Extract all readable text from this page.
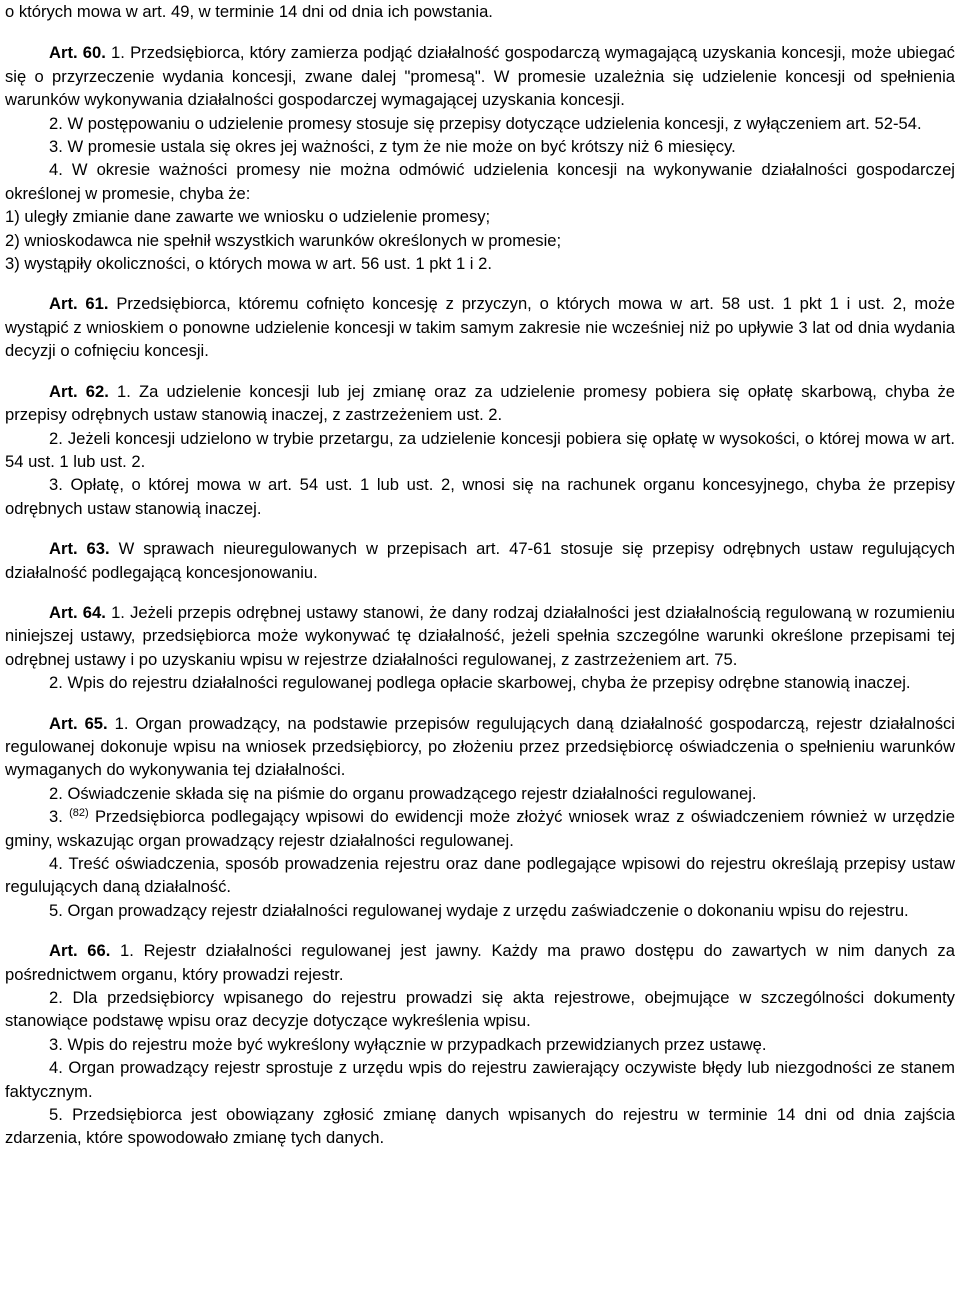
o których mowa w art. 49, w terminie 14 dni od dnia ich powstania.

Art. 60. 1. Przedsiębiorca, który zamierza podjąć działalność gospodarczą wymagającą uzyskania koncesji, może ubiegać się o przyrzeczenie wydania koncesji, zwane dalej "promesą". W promesie uzależnia się udzielenie koncesji od spełnienia warunków wykonywania działalności gospodarczej wymagającej uzyskania koncesji.

2. W postępowaniu o udzielenie promesy stosuje się przepisy dotyczące udzielenia koncesji, z wyłączeniem art. 52-54.

3. W promesie ustala się okres jej ważności, z tym że nie może on być krótszy niż 6 miesięcy.

4. W okresie ważności promesy nie można odmówić udzielenia koncesji na wykonywanie działalności gospodarczej określonej w promesie, chyba że:

1) uległy zmianie dane zawarte we wniosku o udzielenie promesy;

2) wnioskodawca nie spełnił wszystkich warunków określonych w promesie;

3) wystąpiły okoliczności, o których mowa w art. 56 ust. 1 pkt 1 i 2.

Art. 61. Przedsiębiorca, któremu cofnięto koncesję z przyczyn, o których mowa w art. 58 ust. 1 pkt 1 i ust. 2, może wystąpić z wnioskiem o ponowne udzielenie koncesji w takim samym zakresie nie wcześniej niż po upływie 3 lat od dnia wydania decyzji o cofnięciu koncesji.

Art. 62. 1. Za udzielenie koncesji lub jej zmianę oraz za udzielenie promesy pobiera się opłatę skarbową, chyba że przepisy odrębnych ustaw stanowią inaczej, z zastrzeżeniem ust. 2.

2. Jeżeli koncesji udzielono w trybie przetargu, za udzielenie koncesji pobiera się opłatę w wysokości, o której mowa w art. 54 ust. 1 lub ust. 2.

3. Opłatę, o której mowa w art. 54 ust. 1 lub ust. 2, wnosi się na rachunek organu koncesyjnego, chyba że przepisy odrębnych ustaw stanowią inaczej.

Art. 63. W sprawach nieuregulowanych w przepisach art. 47-61 stosuje się przepisy odrębnych ustaw regulujących działalność podlegającą koncesjonowaniu.

Art. 64. 1. Jeżeli przepis odrębnej ustawy stanowi, że dany rodzaj działalności jest działalnością regulowaną w rozumieniu niniejszej ustawy, przedsiębiorca może wykonywać tę działalność, jeżeli spełnia szczególne warunki określone przepisami tej odrębnej ustawy i po uzyskaniu wpisu w rejestrze działalności regulowanej, z zastrzeżeniem art. 75.

2. Wpis do rejestru działalności regulowanej podlega opłacie skarbowej, chyba że przepisy odrębne stanowią inaczej.

Art. 65. 1. Organ prowadzący, na podstawie przepisów regulujących daną działalność gospodarczą, rejestr działalności regulowanej dokonuje wpisu na wniosek przedsiębiorcy, po złożeniu przez przedsiębiorcę oświadczenia o spełnieniu warunków wymaganych do wykonywania tej działalności.

2. Oświadczenie składa się na piśmie do organu prowadzącego rejestr działalności regulowanej.

3. $^{(82)}$ Przedsiębiorca podlegający wpisowi do ewidencji może złożyć wniosek wraz z oświadczeniem również w urzędzie gminy, wskazując organ prowadzący rejestr działalności regulowanej.

4. Treść oświadczenia, sposób prowadzenia rejestru oraz dane podlegające wpisowi do rejestru określają przepisy ustaw regulujących daną działalność.

5. Organ prowadzący rejestr działalności regulowanej wydaje z urzędu zaświadczenie o dokonaniu wpisu do rejestru.

Art. 66. 1. Rejestr działalności regulowanej jest jawny. Każdy ma prawo dostępu do zawartych w nim danych za pośrednictwem organu, który prowadzi rejestr.

2. Dla przedsiębiorcy wpisanego do rejestru prowadzi się akta rejestrowe, obejmujące w szczególności dokumenty stanowiące podstawę wpisu oraz decyzje dotyczące wykreślenia wpisu.

3. Wpis do rejestru może być wykreślony wyłącznie w przypadkach przewidzianych przez ustawę.

4. Organ prowadzący rejestr sprostuje z urzędu wpis do rejestru zawierający oczywiste błędy lub niezgodności ze stanem faktycznym.

5. Przedsiębiorca jest obowiązany zgłosić zmianę danych wpisanych do rejestru w terminie 14 dni od dnia zajścia zdarzenia, które spowodowało zmianę tych danych.
